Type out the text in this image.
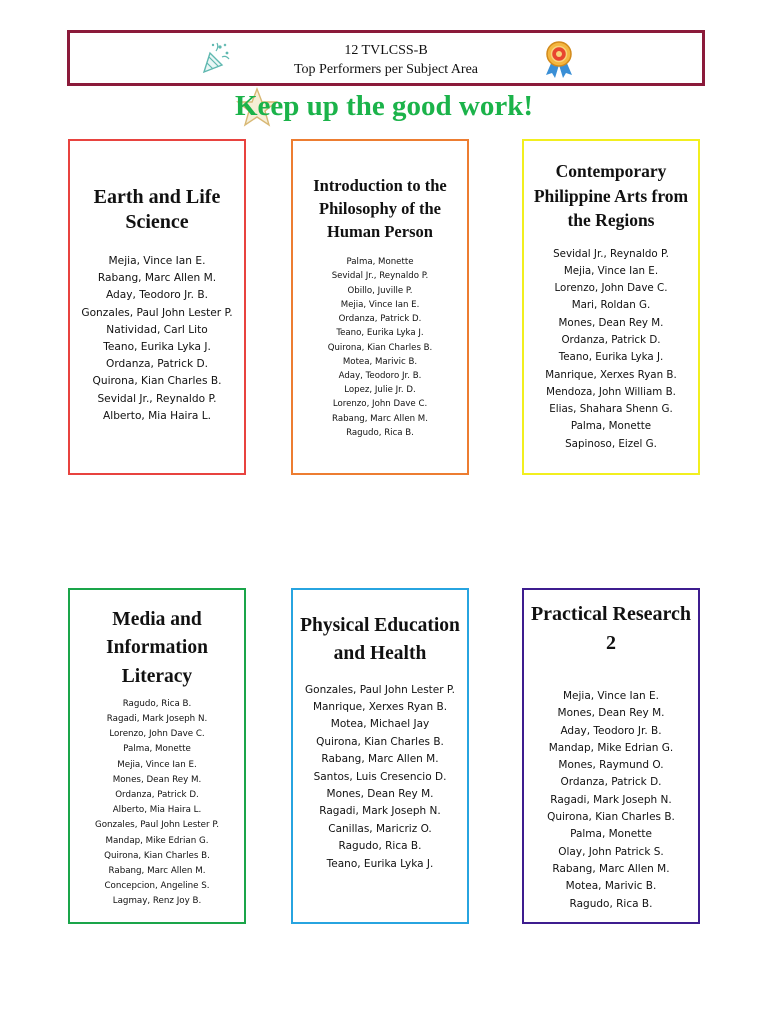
12 TVLCSS-B
Top Performers per Subject Area
Keep up the good work!
Earth and Life Science
Mejia, Vince Ian E.
Rabang, Marc Allen M.
Aday, Teodoro Jr. B.
Gonzales, Paul John Lester P.
Natividad, Carl Lito
Teano, Eurika Lyka J.
Ordanza, Patrick D.
Quirona, Kian Charles B.
Sevidal Jr., Reynaldo P.
Alberto, Mia Haira L.
Introduction to the Philosophy of the Human Person
Palma, Monette
Sevidal Jr., Reynaldo P.
Obillo, Juville P.
Mejia, Vince Ian E.
Ordanza, Patrick D.
Teano, Eurika Lyka J.
Quirona, Kian Charles B.
Motea, Marivic B.
Aday, Teodoro Jr. B.
Lopez, Julie Jr. D.
Lorenzo, John Dave C.
Rabang, Marc Allen M.
Ragudo, Rica B.
Contemporary Philippine Arts from the Regions
Sevidal Jr., Reynaldo P.
Mejia, Vince Ian E.
Lorenzo, John Dave C.
Mari, Roldan G.
Mones, Dean Rey M.
Ordanza, Patrick D.
Teano, Eurika Lyka J.
Manrique, Xerxes Ryan B.
Mendoza, John William B.
Elias, Shahara Shenn G.
Palma, Monette
Sapinoso, Eizel G.
Media and Information Literacy
Ragudo, Rica B.
Ragadi, Mark Joseph N.
Lorenzo, John Dave C.
Palma, Monette
Mejia, Vince Ian E.
Mones, Dean Rey M.
Ordanza, Patrick D.
Alberto, Mia Haira L.
Gonzales, Paul John Lester P.
Mandap, Mike Edrian G.
Quirona, Kian Charles B.
Rabang, Marc Allen M.
Concepcion, Angeline S.
Lagmay, Renz Joy B.
Physical Education and Health
Gonzales, Paul John Lester P.
Manrique, Xerxes Ryan B.
Motea, Michael Jay
Quirona, Kian Charles B.
Rabang, Marc Allen M.
Santos, Luis Cresencio D.
Mones, Dean Rey M.
Ragadi, Mark Joseph N.
Canillas, Maricriz O.
Ragudo, Rica B.
Teano, Eurika Lyka J.
Practical Research 2
Mejia, Vince Ian E.
Mones, Dean Rey M.
Aday, Teodoro Jr. B.
Mandap, Mike Edrian G.
Mones, Raymund O.
Ordanza, Patrick D.
Ragadi, Mark Joseph N.
Quirona, Kian Charles B.
Palma, Monette
Olay, John Patrick S.
Rabang, Marc Allen M.
Motea, Marivic B.
Ragudo, Rica B.
